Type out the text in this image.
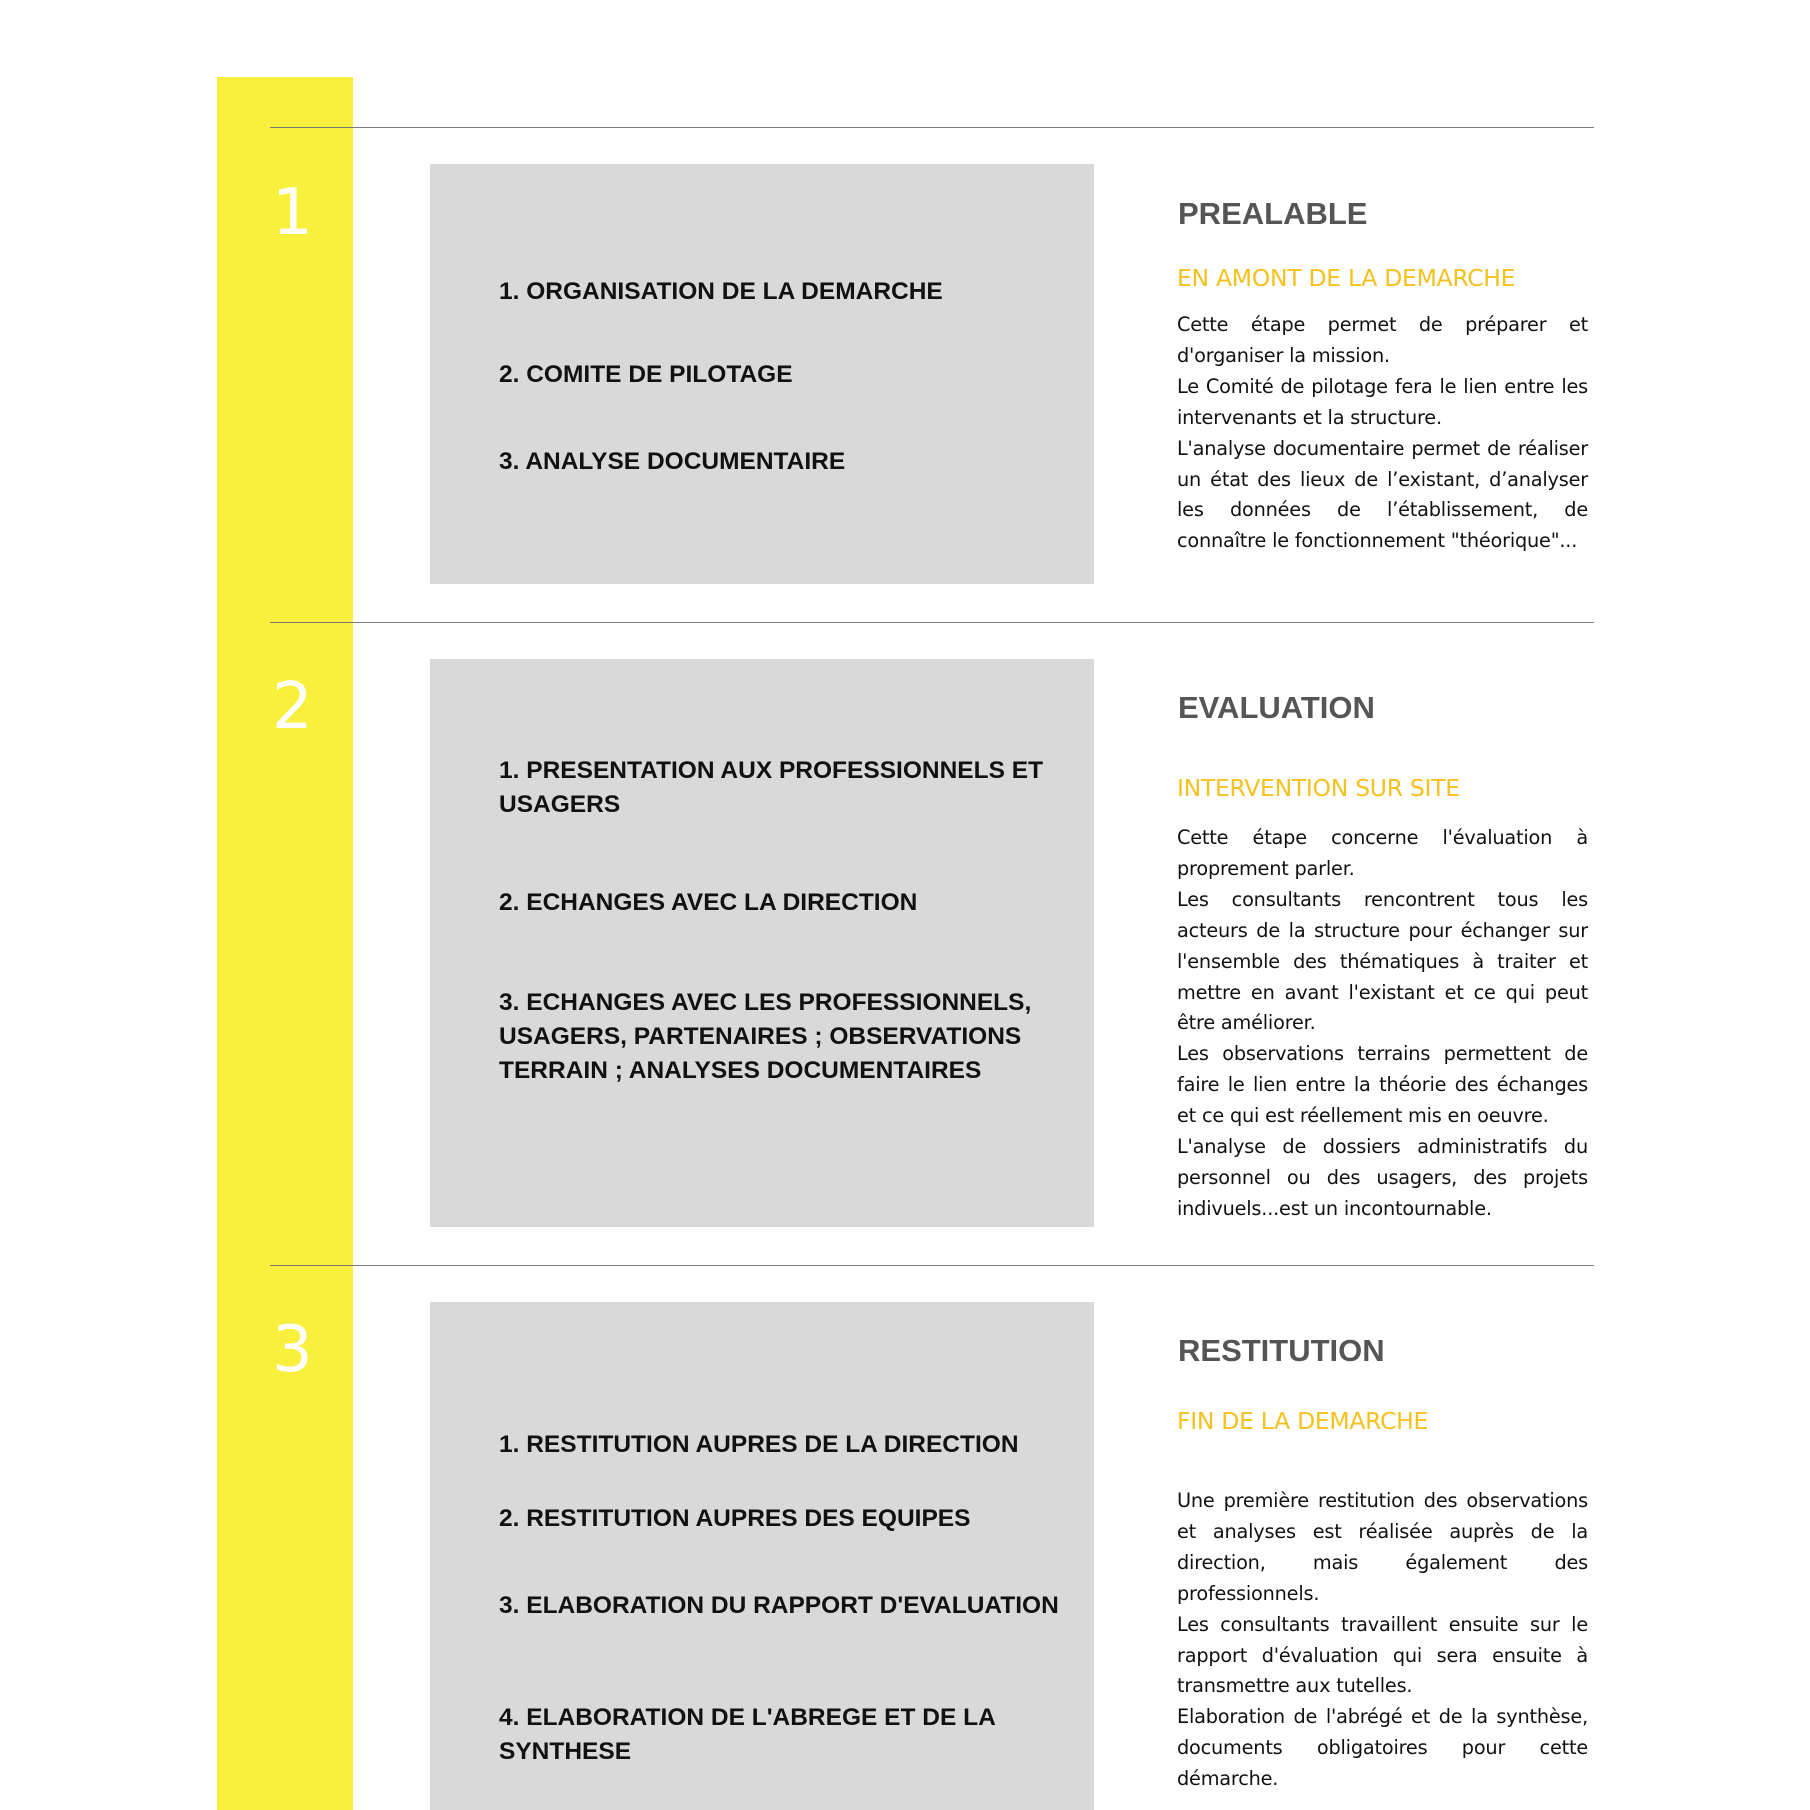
1
1. ORGANISATION DE LA DEMARCHE
2. COMITE DE PILOTAGE
3. ANALYSE DOCUMENTAIRE
PREALABLE
EN AMONT DE LA DEMARCHE

Cette étape permet de préparer et d'organiser la mission.

Le Comité de pilotage fera le lien entre les intervenants et la structure.

L'analyse documentaire permet de réaliser un état des lieux de l’existant, d’analyser les données de l’établissement, de connaître le fonctionnement "théorique"...

2
1. PRESENTATION AUX PROFESSIONNELS ET
USAGERS
2. ECHANGES AVEC LA DIRECTION
3. ECHANGES AVEC LES PROFESSIONNELS,
USAGERS, PARTENAIRES ; OBSERVATIONS
TERRAIN ; ANALYSES DOCUMENTAIRES
EVALUATION
INTERVENTION SUR SITE

Cette étape concerne l'évaluation à proprement parler.

Les consultants rencontrent tous les acteurs de la structure pour échanger sur l'ensemble des thématiques à traiter et mettre en avant l'existant et ce qui peut être améliorer.

Les observations terrains permettent de faire le lien entre la théorie des échanges et ce qui est réellement mis en oeuvre.

L'analyse de dossiers administratifs du personnel ou des usagers, des projets indivuels...est un incontournable.

3
1. RESTITUTION AUPRES DE LA DIRECTION
2. RESTITUTION AUPRES DES EQUIPES
3. ELABORATION DU RAPPORT D'EVALUATION
4. ELABORATION DE L'ABREGE ET DE LA SYNTHESE
RESTITUTION
FIN DE LA DEMARCHE

Une première restitution des observations et analyses est réalisée auprès de la direction, mais également des professionnels.

Les consultants travaillent ensuite sur le rapport d'évaluation qui sera ensuite à transmettre aux tutelles.

Elaboration de l'abrégé et de la synthèse, documents obligatoires pour cette démarche.
